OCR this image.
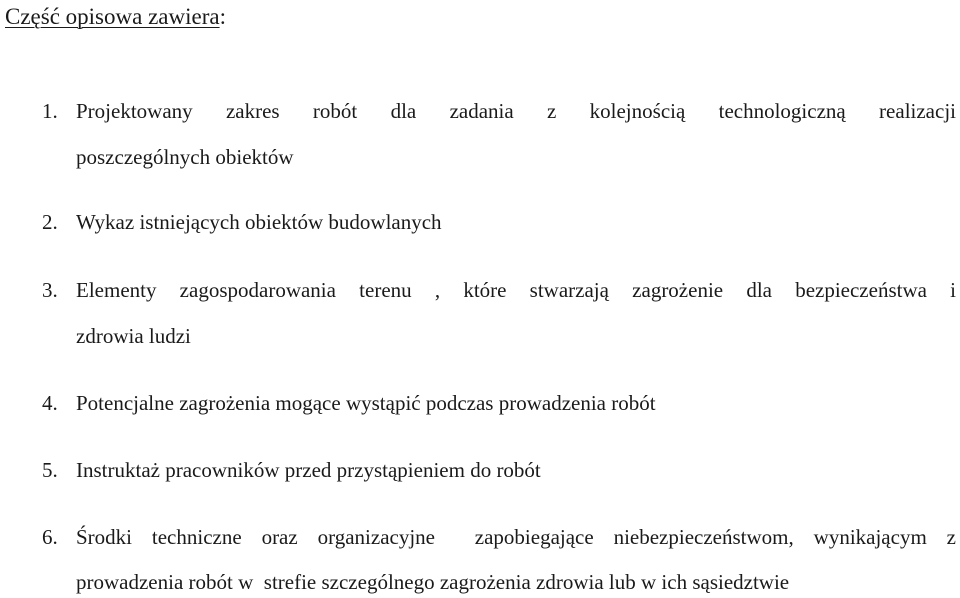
Część opisowa zawiera:
1. Projektowany zakres robót dla zadania z kolejnością technologiczną realizacji
poszczególnych obiektów
2. Wykaz istniejących obiektów budowlanych
3. Elementy zagospodarowania terenu , które stwarzają zagrożenie dla bezpieczeństwa i
zdrowia ludzi
4. Potencjalne zagrożenia mogące wystąpić podczas prowadzenia robót
5. Instruktaż pracowników przed przystąpieniem do robót
6. Środki techniczne oraz organizacyjne  zapobiegające niebezpieczeństwom, wynikającym z
prowadzenia robót w  strefie szczególnego zagrożenia zdrowia lub w ich sąsiedztwie
